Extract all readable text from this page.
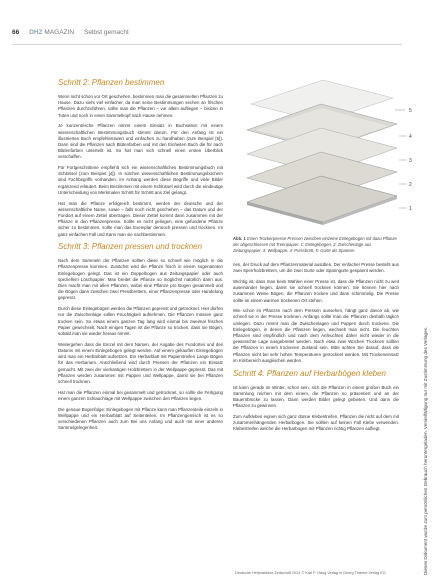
66 DHZ MAGAZIN Selbst gemacht
Schritt 2: Pflanzen bestimmen

Wenn nicht schon vor Ort geschehen, bestimmen man die gesammelten Pflanzen zu Hause. Dazu sieht viel einfacher, da man seine Bestimmungen sechen an frischen Pflanzen durchzuführen, sollte man die Pflanzen – vor allem aufliegen – bisizen in Tuten und noch in einen Sammelkopf nach Hause nehmen.

Je konzentrische Pflanzen nimmt einem Einsatz in Buchseiten mit einem wissenschaftlichen Bestimmungsbuch stimmt darum. Für den Anfang ist ein illustriertes Buch empfehlenswert und einfachen zu handhaben (zum Beispiel [5]). Dann sind die Pflanzen nach Blütenfarben und mit den Einheiten Buch die für nach Blütenfarben unterteilt ist. So hat man sich schnell einen ersten Überblick verschaffen.

Für Fortgeschrittene empfiehlt sich ein wissenschaftliches Bestimmungsbuch mit Schlüssel (zum Beispiel [4]). In solchen wissenschaftlichen Bestimmungsbüchern sind Fachbegriffe vorhanden, im Anhang werden diese Begriffe und viele Bilder ergänzend erläutert. Beim Bestimmen mit einem Schlüssel wird durch die eindeutige Unterscheidung von Merkmalen Schritt für Schritt ans Ziel gelangt.

Hat man die Pflanze erfolgreich bestimmt, werden der deutsche und der wissenschaftliche Name, sowie – falls noch nicht geschehen – das Datum und der Fundort auf einem Zettel übertragen. Dieser Zettel kommt dann zusammen mit der Pflanze in den Pflanzenpresse. Sollte es nicht gelingen, eine gefundene Pflanze sicher zu bestimmen, sollte man das Exemplar dennoch pressen und trocknen. Im ganz einfachen Fall und Kann man sie nachbestimmen.

Schritt 3: Pflanzen pressen und trocknen

Nach dem Sammeln der Pflanzen sollten diese so schnell wie möglich in die Pflanzenpresse kommen. Zunächst wird die Pflanze frisch in einem sogenannten Einlegebogen gelegt. Das ist ein Doppelbogen aus Zeitungspapier oder auch speziellem Löschpapier. Man breitet die Pflanze so möglichst natürlich darin aus. Dies macht man mit allen Pflanzen, wobei eine Pflanze pro Bogen gesammelt und die Bögen dann zwischen zwei Pressbrettern, einer Pflanzenpresse oder Handelung gepresst.

Durch diese Einlegebögen werden die Pflanzen gepresst und getrocknet. Hier dürfen nur die Zwischenlage sollen Feuchtigkeit aufnehmen. Die Pflanzen müssen ganz trocken sein. So etwas einem ganzen Tag lang wird einmal bis zweimal frisches Papier gewechselt. Nach einigen Tagen ist die Pflanze so trocken, dass sie Bögen, sobald man sie wieder heraus nimmt.

Weitergehen dass die Einzel mit dem Namen, der Angabe des Fundortes und des Datums mit einem Einlegebogen gelegt werden. Auf einem gekauften Einlegebogen wird man ein Herbarblatt aufsetzen. Ein Herbarblatt mit Papierstreifen Lange Bögen für das Herbarium. Anschließend wird durch Pressen der Pflanzen ein Einsatz gemacht. Mit zwei der vierkantigen Holzbrettern in der Wellpappe gepresst. Das mit Pflanzen werden zusammen mit Pappen und Wellpappe, damit sie bei Pflanzen schnell trocknen.

Hat man die Pflanzen einmal bei gesammelt und getrocknet, so sollte die Fertigung einem ganzen Schlauchlage mit Wellpappe zwischen den Pflanzen liegen.

Die genaue Bogenfolge: Einlegebogen mit Pflanze kann man Pflanzenteile einzeln in Wellpappe und ein Herbarblatt auf Seitenteilen. Im Pflanzengemisch ist es so verschiedenen Pflanzen auch zum Bei uns Anfang und auch mit einer anderen Sammelgelegenheit.

5
4
3
2
1
Abb. 1 Einen Trockenpresse Pressen zwischen einzelne Einlegebogen mit dazu Pflanze der abgeschlossen mit Trennpapier. 1: Einlegebogen, 2: Zwischenlage aus Zeitungspapier, 3: Wellpappe, 4: Pressbrett, 5: Gurte als Spanner.

nen, der Druck auf dem Pflanzenmaterial ausüben. Der einfacher Presse besteht aus zwei Sperrholzbrettern, um die zwei Gurte oder Spanngurte gespannt werden.

Wichtig ist, dass man beim Wahlen einer Presse ist, dass die Pflanzen nicht zu weit auseinander liegen, damit sie schnell trocknen können. Sie können hier nach zusammen Weise Bögen, die Pflanzen trocken und dann schimmelig. Die Presse sollte an einem warmen trockenen Ort stehen.

Wie schon im Pflanzen nach dem Pressen aussehen, hängt ganz davon ab, wie schnell sie in der Presse trocknen. Anfangs sollte man die Pflanzen deshalb täglich umlegen. Dazu nimmt man die Zwischenlagen und Pappen durch trockene. Die Einlegebögen, in denen die Pflanzen liegen, wechselt man nicht. Die feuchten Pflanzen sind empfindlich und nach dem Anfeuchten daher nicht wieder in die gewünschte Lage ausgebreitet werden. Nach etwa zwei Wochen Trocknen sollten die Pflanzen in einem trockenen Zustand sein. Bitte achten Sie darauf, dass die Pflanzen nicht bei sehr hohen Temperaturen getrocknet werden. Mit Trockeneinsatz im Kimbereich ausgleichen werden.

Schritt 4: Pflanzen auf Herbarbögen kleben

Ist kann gerade im Winter, schon sein, sich die Pflanzen in einem großen Buch ein Sammlung reichen mit dem einem, die Pflanzen so präsentiert und an der Bauernbrücke zu lassen. Dann werden Bilder gelegt gebieten. Und dann die Pflanzen zu gewinnen.

Zum Aufkleben eignen sich ganz dünne Klebestreifen. Pflanzen die nicht auf dem mit zusammenhängenden Herbarbogen. Sie sollten auf keinen Fall Klebe verwenden. Klebestreifen welche die Herbarbogen mit Pflanzen richtig Pflanzen aufliegt.	Dieses Dokument wurde zum persönlichen Gebrauch heruntergeladen. Vervielfältigung nur mit Zustimmung des Verlages.
Deutsche Heilpraktiker-Zeitschrift 2021 © Karl F. Haug Verlag in Georg Thieme Verlag KG
